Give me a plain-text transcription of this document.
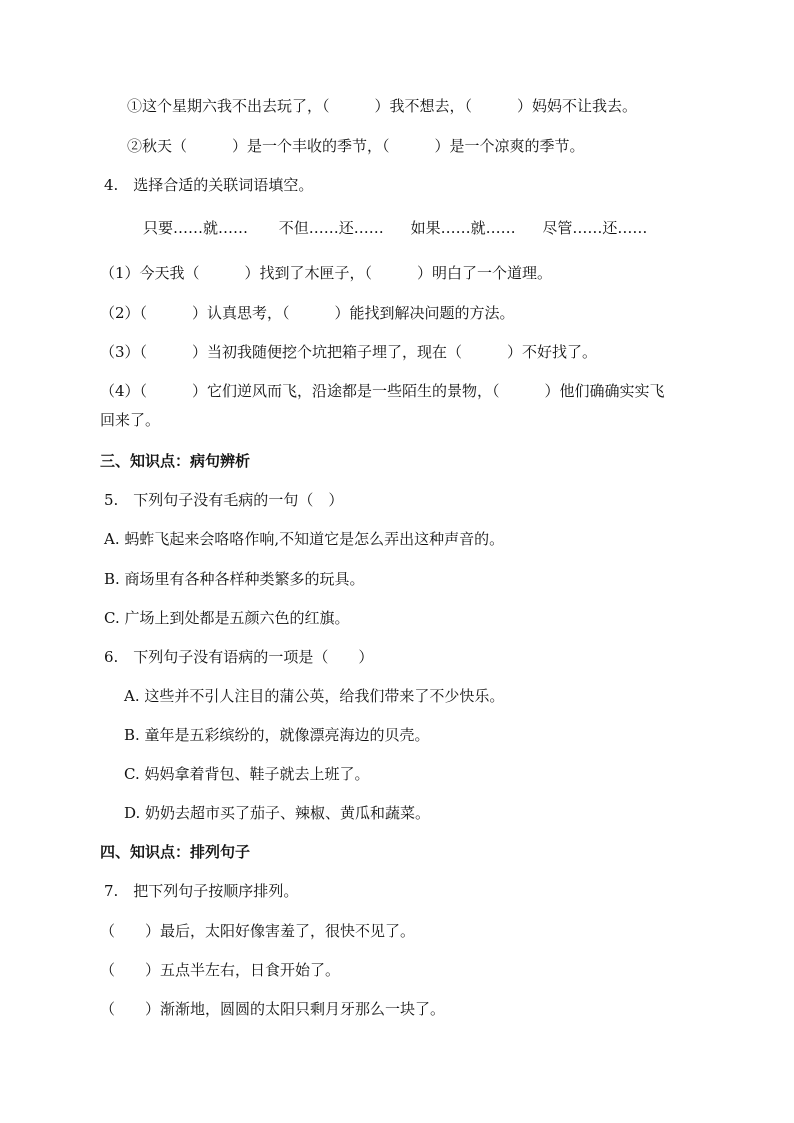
①这个星期六我不出去玩了，（　　　）我不想去，（　　　）妈妈不让我去。
②秋天（　　　）是一个丰收的季节，（　　　）是一个凉爽的季节。
4.　选择合适的关联词语填空。
只要……就…… 不但……还…… 如果……就…… 尽管……还……
（1）今天我（　　　）找到了木匣子，（　　　）明白了一个道理。
（2）（　　　）认真思考，（　　　）能找到解决问题的方法。
（3）（　　　）当初我随便挖个坑把箱子埋了，现在（　　　）不好找了。
（4）（　　　）它们逆风而飞，沿途都是一些陌生的景物，（　　　）他们确确实实飞
回来了。
三、知识点：病句辨析
5.　下列句子没有毛病的一句（　）
A. 蚂蚱飞起来会咯咯作响,不知道它是怎么弄出这种声音的。
B. 商场里有各种各样种类繁多的玩具。
C. 广场上到处都是五颜六色的红旗。
6.　下列句子没有语病的一项是（　　）
A. 这些并不引人注目的蒲公英，给我们带来了不少快乐。
B. 童年是五彩缤纷的，就像漂亮海边的贝壳。
C. 妈妈拿着背包、鞋子就去上班了。
D. 奶奶去超市买了茄子、辣椒、黄瓜和蔬菜。
四、知识点：排列句子
7.　把下列句子按顺序排列。
（　　）最后，太阳好像害羞了，很快不见了。
（　　）五点半左右，日食开始了。
（　　）渐渐地，圆圆的太阳只剩月牙那么一块了。
